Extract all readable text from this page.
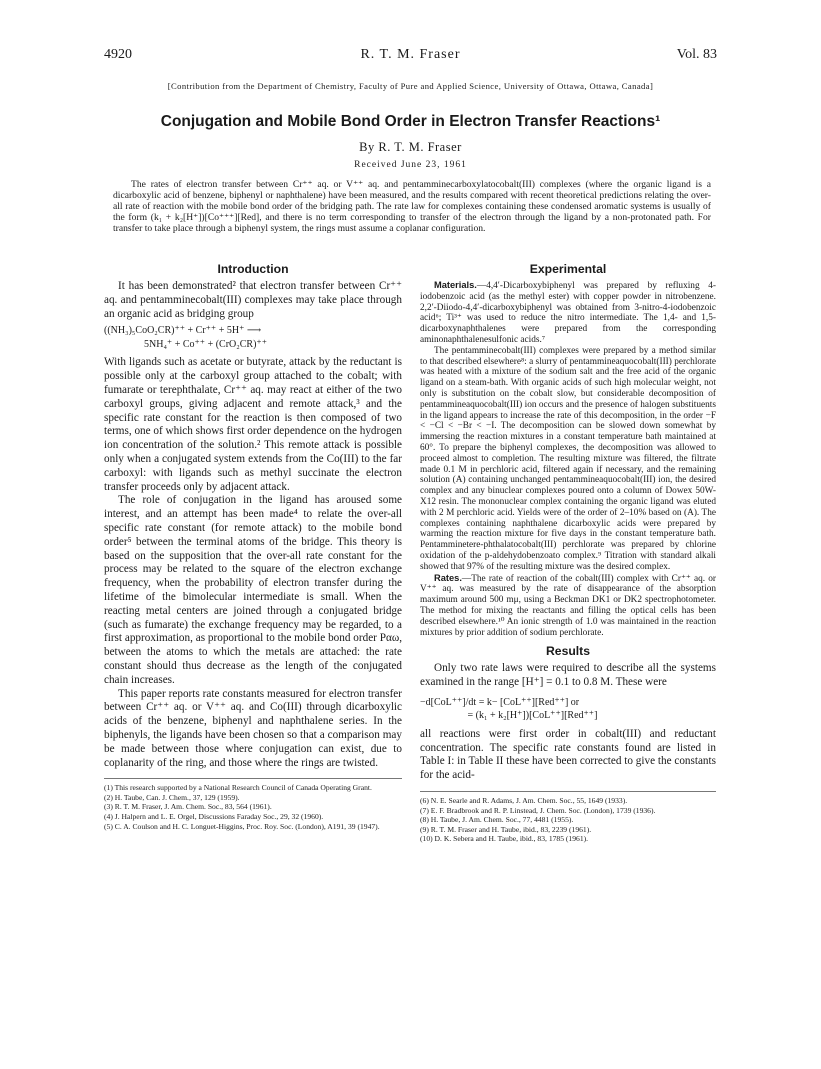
4920	R. T. M. Fraser	Vol. 83
[Contribution from the Department of Chemistry, Faculty of Pure and Applied Science, University of Ottawa, Ottawa, Canada]
Conjugation and Mobile Bond Order in Electron Transfer Reactions¹
By R. T. M. Fraser
Received June 23, 1961

The rates of electron transfer between Cr⁺⁺ aq. or V⁺⁺ aq. and pentamminecarboxylatocobalt(III) complexes (where the organic ligand is a dicarboxylic acid of benzene, biphenyl or naphthalene) have been measured, and the results compared with recent theoretical predictions relating the over-all rate of reaction with the mobile bond order of the bridging path. The rate law for complexes containing these condensed aromatic systems is usually of the form (k₁ + k₂[H⁺])[Co⁺⁺⁺][Red], and there is no term corresponding to transfer of the electron through the ligand by a non-protonated path. For transfer to take place through a biphenyl system, the rings must assume a coplanar configuration.

Introduction

It has been demonstrated² that electron transfer between Cr⁺⁺ aq. and pentamminecobalt(III) complexes may take place through an organic acid as bridging group

((NH₃)₅CoO₂CR)⁺⁺ + Cr⁺⁺ + 5H⁺ ⟶
5NH₄⁺ + Co⁺⁺ + (CrO₂CR)⁺⁺

With ligands such as acetate or butyrate, attack by the reductant is possible only at the carboxyl group attached to the cobalt; with fumarate or terephthalate, Cr⁺⁺ aq. may react at either of the two carboxyl groups, giving adjacent and remote attack,³ and the specific rate constant for the reaction is then composed of two terms, one of which shows first order dependence on the hydrogen ion concentration of the solution.² This remote attack is possible only when a conjugated system extends from the Co(III) to the far carboxyl: with ligands such as methyl succinate the electron transfer proceeds only by adjacent attack.

The role of conjugation in the ligand has aroused some interest, and an attempt has been made⁴ to relate the over-all specific rate constant (for remote attack) to the mobile bond order⁵ between the terminal atoms of the bridge. This theory is based on the supposition that the over-all rate constant for the process may be related to the square of the electron exchange frequency, when the probability of electron transfer during the lifetime of the bimolecular intermediate is small. When the reacting metal centers are joined through a conjugated bridge (such as fumarate) the exchange frequency may be regarded, to a first approximation, as proportional to the mobile bond order Pαω, between the atoms to which the metals are attached: the rate constant should thus decrease as the length of the conjugated chain increases.

This paper reports rate constants measured for electron transfer between Cr⁺⁺ aq. or V⁺⁺ aq. and Co(III) through dicarboxylic acids of the benzene, biphenyl and naphthalene series. In the biphenyls, the ligands have been chosen so that a comparison may be made between those where conjugation can exist, due to coplanarity of the ring, and those where the rings are twisted.

(1) This research supported by a National Research Council of Canada Operating Grant.

(2) H. Taube, Can. J. Chem., 37, 129 (1959).

(3) R. T. M. Fraser, J. Am. Chem. Soc., 83, 564 (1961).

(4) J. Halpern and L. E. Orgel, Discussions Faraday Soc., 29, 32 (1960).

(5) C. A. Coulson and H. C. Longuet-Higgins, Proc. Roy. Soc. (London), A191, 39 (1947).

Experimental

Materials.—4,4′-Dicarboxybiphenyl was prepared by refluxing 4-iodobenzoic acid (as the methyl ester) with copper powder in nitrobenzene. 2,2′-Diiodo-4,4′-dicarboxybiphenyl was obtained from 3-nitro-4-iodobenzoic acid⁶; Ti³⁺ was used to reduce the nitro intermediate. The 1,4- and 1,5-dicarboxynaphthalenes were prepared from the corresponding aminonaphthalenesulfonic acids.⁷

The pentamminecobalt(III) complexes were prepared by a method similar to that described elsewhere⁸: a slurry of pentammineaquocobalt(III) perchlorate was heated with a mixture of the sodium salt and the free acid of the organic ligand on a steam-bath. With organic acids of such high molecular weight, not only is substitution on the cobalt slow, but considerable decomposition of pentammineaquocobalt(III) ion occurs and the presence of halogen substituents in the ligand appears to increase the rate of this decomposition, in the order −F < −Cl < −Br < −I. The decomposition can be slowed down somewhat by immersing the reaction mixtures in a constant temperature bath maintained at 60°. To prepare the biphenyl complexes, the decomposition was allowed to proceed almost to completion. The resulting mixture was filtered, the filtrate made 0.1 M in perchloric acid, filtered again if necessary, and the remaining solution (A) containing unchanged pentammineaquocobalt(III) ion, the desired complex and any binuclear complexes poured onto a column of Dowex 50W-X12 resin. The mononuclear complex containing the organic ligand was eluted with 2 M perchloric acid. Yields were of the order of 2–10% based on (A). The complexes containing naphthalene dicarboxylic acids were prepared by warming the reaction mixture for five days in the constant temperature bath. Pentamminetere-phthalatocobalt(III) perchlorate was prepared by chlorine oxidation of the p-aldehydobenzoato complex.⁹ Titration with standard alkali showed that 97% of the resulting mixture was the desired complex.

Rates.—The rate of reaction of the cobalt(III) complex with Cr⁺⁺ aq. or V⁺⁺ aq. was measured by the rate of disappearance of the absorption maximum around 500 mμ, using a Beckman DK1 or DK2 spectrophotometer. The method for mixing the reactants and filling the optical cells has been described elsewhere.¹⁰ An ionic strength of 1.0 was maintained in the reaction mixtures by prior addition of sodium perchlorate.

Results

Only two rate laws were required to describe all the systems examined in the range [H⁺] = 0.1 to 0.8 M. These were

−d[CoL⁺⁺]/dt = k− [CoL⁺⁺][Red⁺⁺] or
= (k₁ + k₂[H⁺])[CoL⁺⁺][Red⁺⁺]

all reactions were first order in cobalt(III) and reductant concentration. The specific rate constants found are listed in Table I: in Table II these have been corrected to give the constants for the acid-

(6) N. E. Searle and R. Adams, J. Am. Chem. Soc., 55, 1649 (1933).

(7) E. F. Bradbrook and R. P. Linstead, J. Chem. Soc. (London), 1739 (1936).

(8) H. Taube, J. Am. Chem. Soc., 77, 4481 (1955).

(9) R. T. M. Fraser and H. Taube, ibid., 83, 2239 (1961).

(10) D. K. Sebera and H. Taube, ibid., 83, 1785 (1961).
